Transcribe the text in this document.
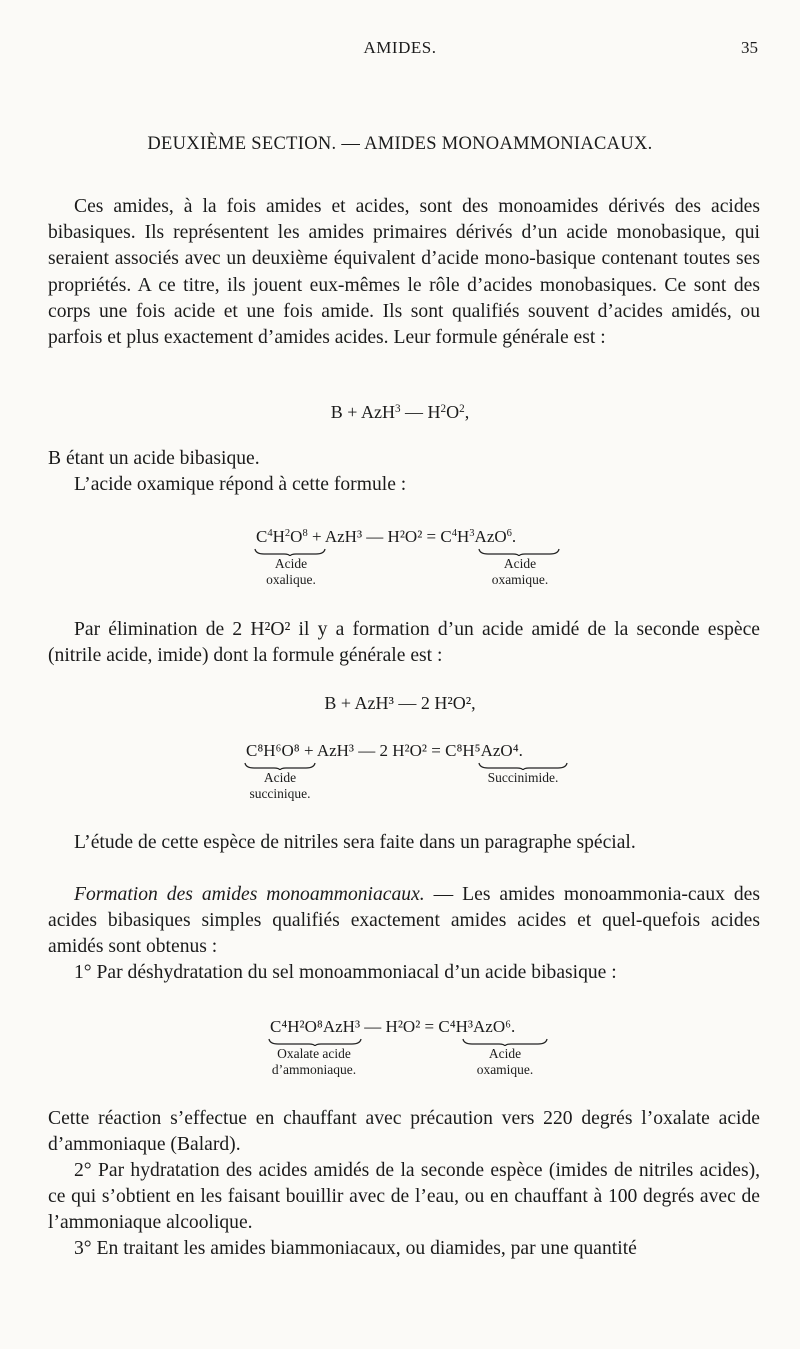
AMIDES.	35
DEUXIÈME SECTION. — AMIDES MONOAMMONIACAUX.

Ces amides, à la fois amides et acides, sont des monoamides dérivés des acides bibasiques. Ils représentent les amides primaires dérivés d’un acide monobasique, qui seraient associés avec un deuxième équivalent d’acide mono-basique contenant toutes ses propriétés. A ce titre, ils jouent eux-mêmes le rôle d’acides monobasiques. Ce sont des corps une fois acide et une fois amide. Ils sont qualifiés souvent d’acides amidés, ou parfois et plus exactement d’amides acides. Leur formule générale est :

B + AzH$^3$ — $H^2O^2$,

B étant un acide bibasique.

L’acide oxamique répond à cette formule :

$C^4H^2O^8 + AzH^3$ — $H^2O^2 = C^4H^3AzO^6$.
Acide
oxalique.
Acide
oxamique.

Par élimination de 2 H²O² il y a formation d’un acide amidé de la seconde espèce (nitrile acide, imide) dont la formule générale est :

B + AzH³ — 2 H²O²,
C⁸H⁶O⁸ + AzH³ — 2 H²O² = C⁸H⁵AzO⁴.
Acide
succinique.
Succinimide.

L’étude de cette espèce de nitriles sera faite dans un paragraphe spécial.

Formation des amides monoammoniacaux. — Les amides monoammonia-caux des acides bibasiques simples qualifiés exactement amides acides et quel-quefois acides amidés sont obtenus :

1° Par déshydratation du sel monoammoniacal d’un acide bibasique :

C⁴H²O⁸AzH³ — H²O² = C⁴H³AzO⁶.
Oxalate acide
d’ammoniaque.
Acide
oxamique.

Cette réaction s’effectue en chauffant avec précaution vers 220 degrés l’oxalate acide d’ammoniaque (Balard).

2° Par hydratation des acides amidés de la seconde espèce (imides de nitriles acides), ce qui s’obtient en les faisant bouillir avec de l’eau, ou en chauffant à 100 degrés avec de l’ammoniaque alcoolique.

3° En traitant les amides biammoniacaux, ou diamides, par une quantité
